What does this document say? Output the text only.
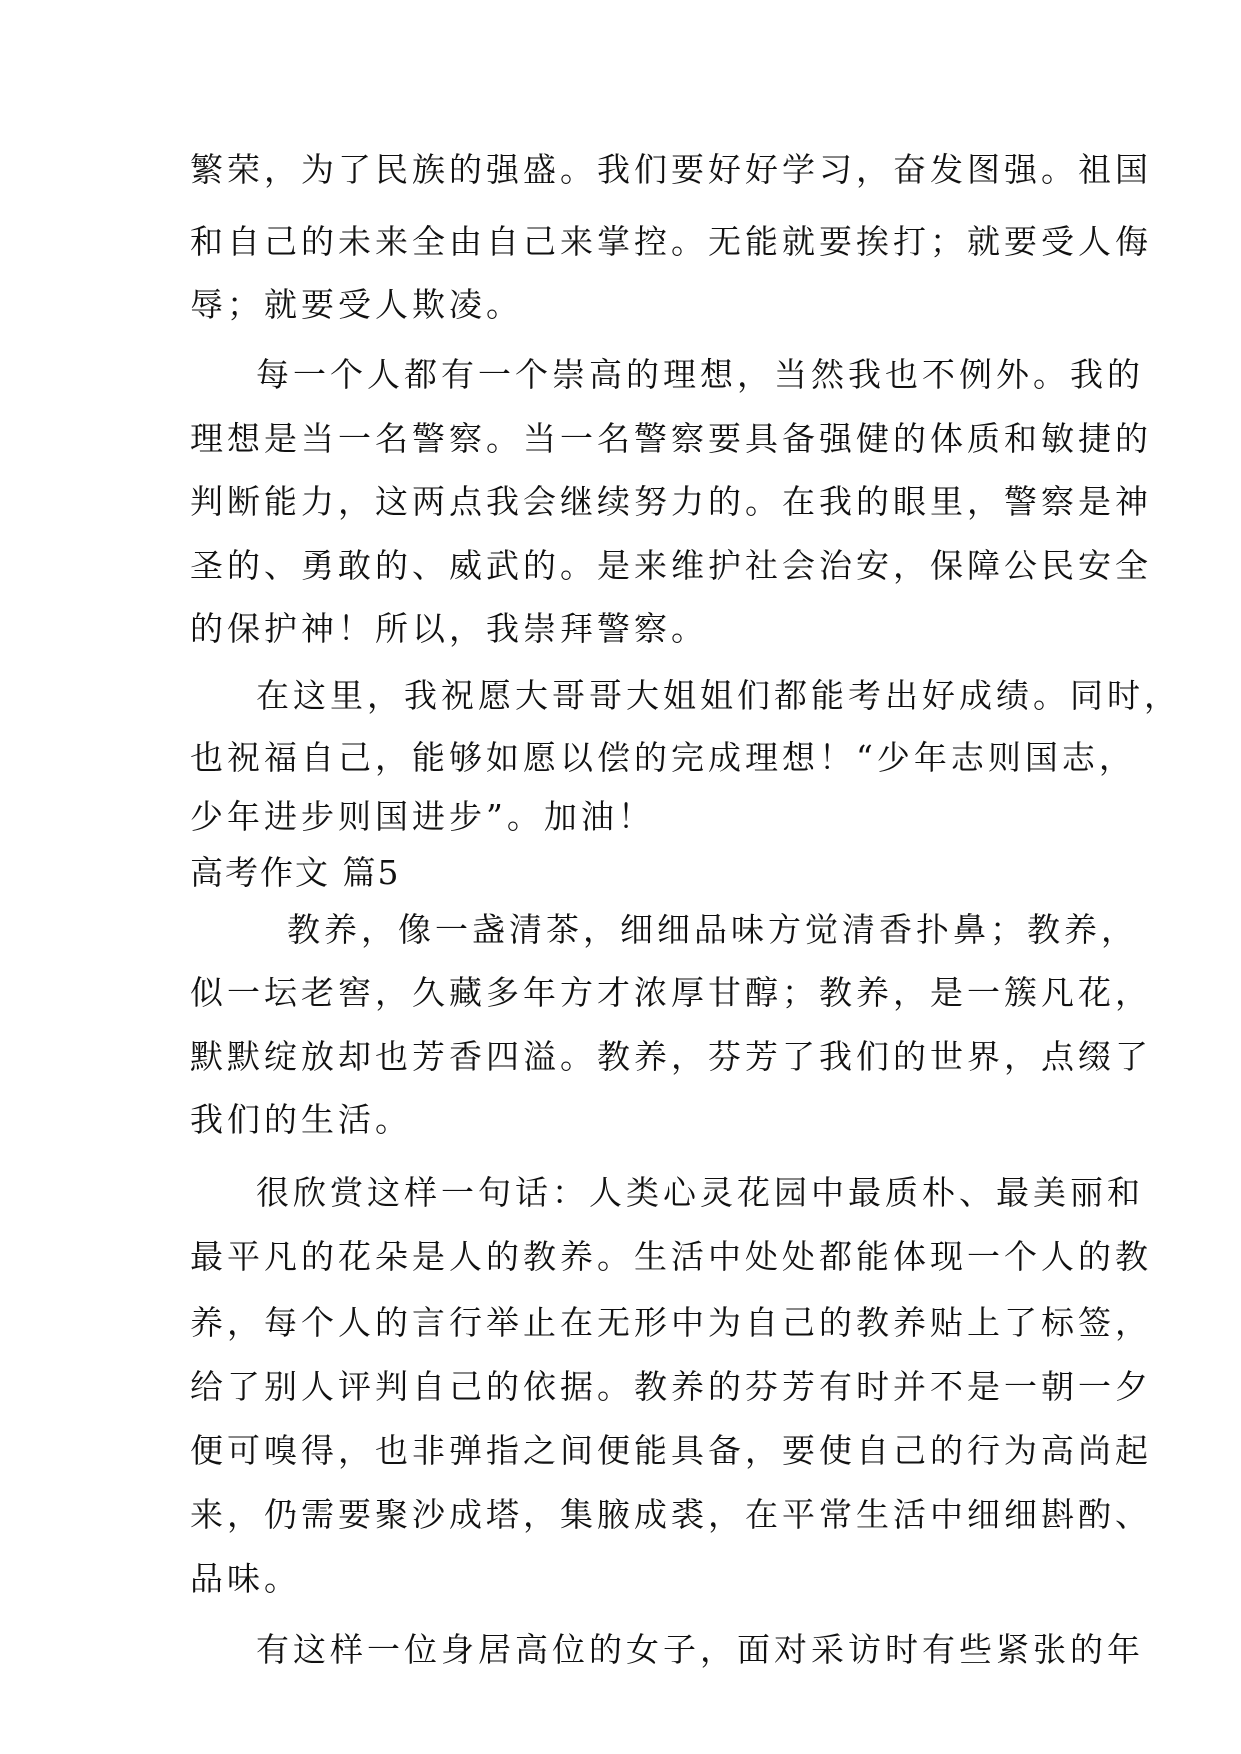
繁荣，为了民族的强盛。我们要好好学习，奋发图强。祖国
和自己的未来全由自己来掌控。无能就要挨打；就要受人侮
辱；就要受人欺凌。
每一个人都有一个崇高的理想，当然我也不例外。我的
理想是当一名警察。当一名警察要具备强健的体质和敏捷的
判断能力，这两点我会继续努力的。在我的眼里，警察是神
圣的、勇敢的、威武的。是来维护社会治安，保障公民安全
的保护神！所以，我崇拜警察。
在这里，我祝愿大哥哥大姐姐们都能考出好成绩。同时，
也祝福自己，能够如愿以偿的完成理想！“少年志则国志，
少年进步则国进步”。加油！
高考作文 篇5
教养，像一盏清茶，细细品味方觉清香扑鼻；教养，
似一坛老窖，久藏多年方才浓厚甘醇；教养，是一簇凡花，
默默绽放却也芳香四溢。教养，芬芳了我们的世界，点缀了
我们的生活。
很欣赏这样一句话：人类心灵花园中最质朴、最美丽和
最平凡的花朵是人的教养。生活中处处都能体现一个人的教
养，每个人的言行举止在无形中为自己的教养贴上了标签，
给了别人评判自己的依据。教养的芬芳有时并不是一朝一夕
便可嗅得，也非弹指之间便能具备，要使自己的行为高尚起
来，仍需要聚沙成塔，集腋成裘，在平常生活中细细斟酌、
品味。
有这样一位身居高位的女子，面对采访时有些紧张的年
